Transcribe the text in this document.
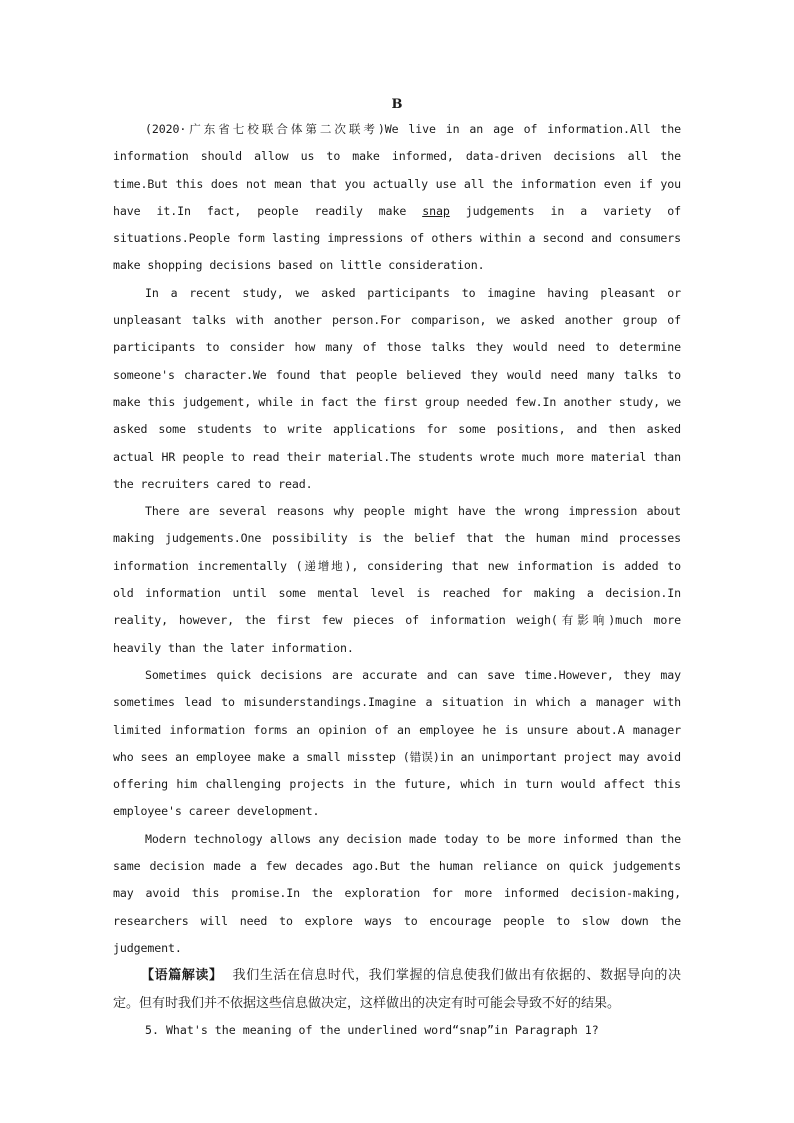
B

(2020·广东省七校联合体第二次联考)We live in an age of information.All the information should allow us to make informed, data-driven decisions all the time.But this does not mean that you actually use all the information even if you have it.In fact, people readily make snap judgements in a variety of situations.People form lasting impressions of others within a second and consumers make shopping decisions based on little consideration.

In a recent study, we asked participants to imagine having pleasant or unpleasant talks with another person.For comparison, we asked another group of participants to consider how many of those talks they would need to determine someone's character.We found that people believed they would need many talks to make this judgement, while in fact the first group needed few.In another study, we asked some students to write applications for some positions, and then asked actual HR people to read their material.The students wrote much more material than the recruiters cared to read.

There are several reasons why people might have the wrong impression about making judgements.One possibility is the belief that the human mind processes information incrementally (递增地), considering that new information is added to old information until some mental level is reached for making a decision.In reality, however, the first few pieces of information weigh(有影响)much more heavily than the later information.

Sometimes quick decisions are accurate and can save time.However, they may sometimes lead to misunderstandings.Imagine a situation in which a manager with limited information forms an opinion of an employee he is unsure about.A manager who sees an employee make a small misstep (错误)in an unimportant project may avoid offering him challenging projects in the future, which in turn would affect this employee's career development.

Modern technology allows any decision made today to be more informed than the same decision made a few decades ago.But the human reliance on quick judgements may avoid this promise.In the exploration for more informed decision-making, researchers will need to explore ways to encourage people to slow down the judgement.

【语篇解读】 我们生活在信息时代，我们掌握的信息使我们做出有依据的、数据导向的决定。但有时我们并不依据这些信息做决定，这样做出的决定有时可能会导致不好的结果。

5. What's the meaning of the underlined word“snap”in Paragraph 1?
